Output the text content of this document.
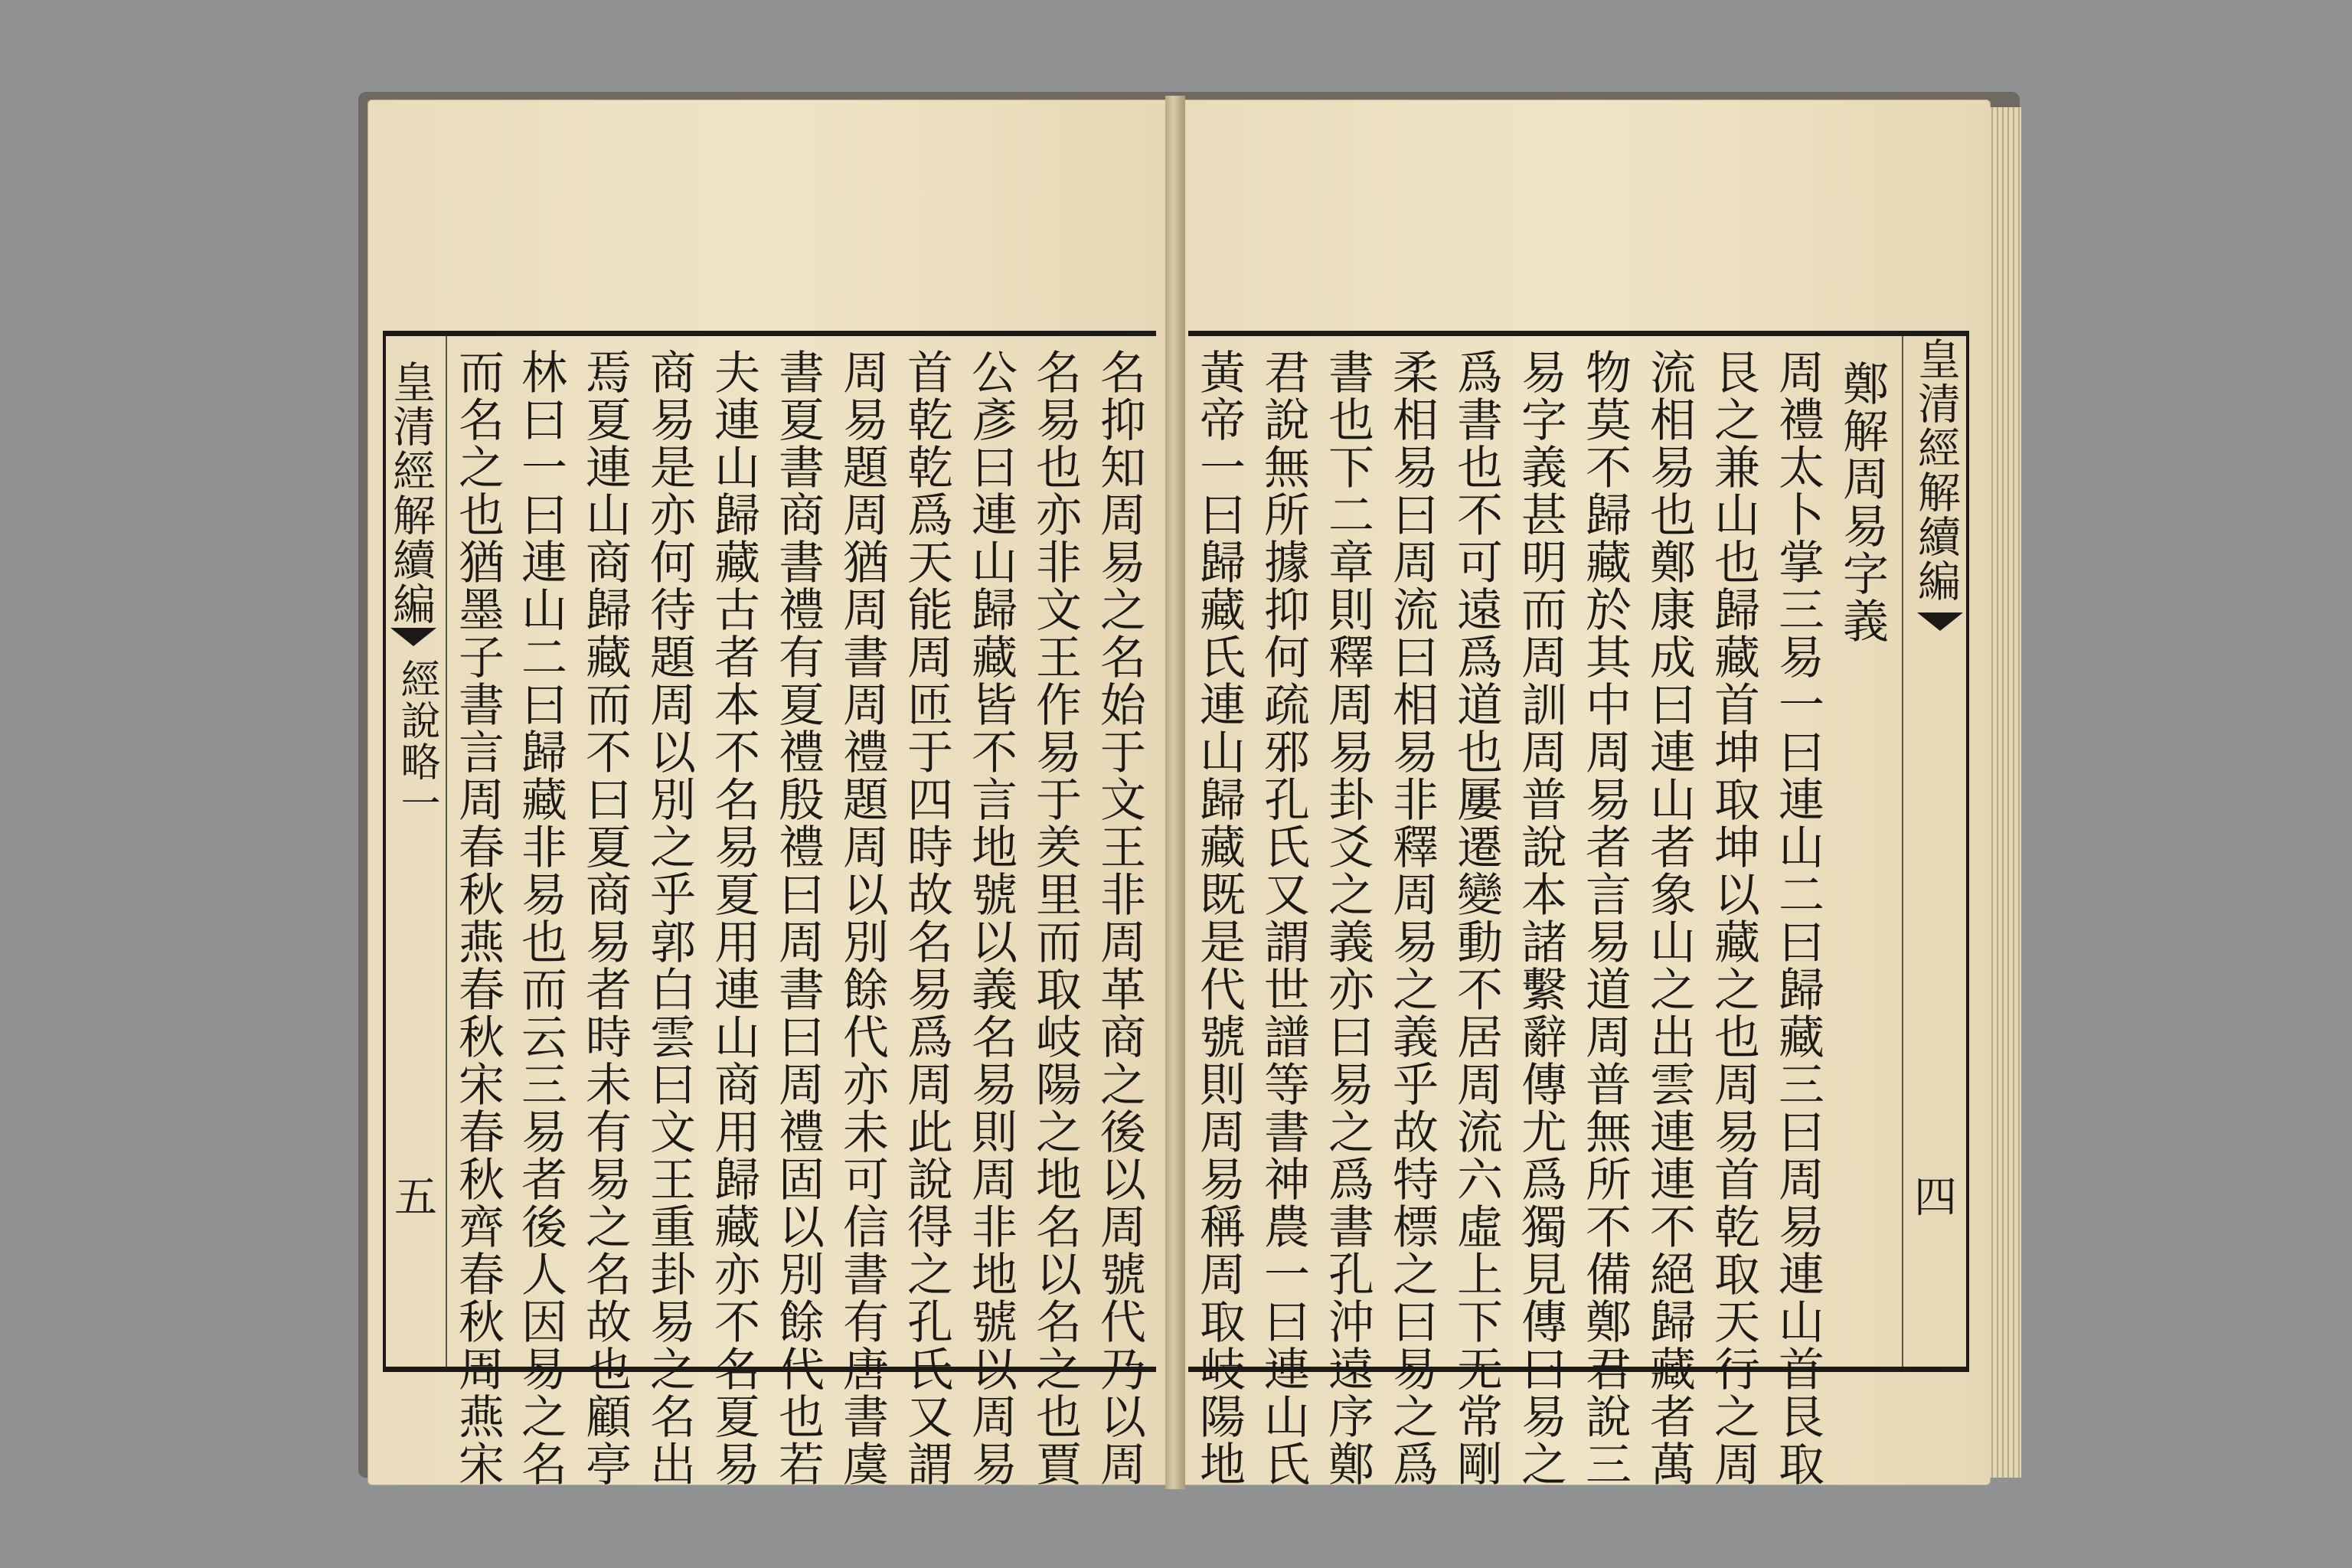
皇清經解續編
經說略一
五	名抑知周易之名始于文王非周革商之後以周號代乃以周
名易也亦非文王作易于羑里而取岐陽之地名以名之也賈
公彥曰連山歸藏皆不言地號以義名易則周非地號以周易
首乾乾爲天能周匝于四時故名易爲周此說得之孔氏又謂
周易題周猶周書周禮題周以別餘代亦未可信書有唐書虞
書夏書商書禮有夏禮殷禮曰周書曰周禮固以別餘代也若
夫連山歸藏古者本不名易夏用連山商用歸藏亦不名夏易
商易是亦何待題周以別之乎郭白雲曰文王重卦易之名出
焉夏連山商歸藏而不曰夏商易者時未有易之名故也顧亭
林曰一曰連山二曰歸藏非易也而云三易者後人因易之名
而名之也猶墨子書言周春秋燕春秋宋春秋齊春秋周燕宋	皇清經解續編
四
鄭解周易字義
周禮太卜掌三易一曰連山二曰歸藏三曰周易連山首艮取
艮之兼山也歸藏首坤取坤以藏之也周易首乾取天行之周
流相易也鄭康成曰連山者象山之出雲連連不絕歸藏者萬
物莫不歸藏於其中周易者言易道周普無所不備鄭君說三
易字義甚明而周訓周普說本諸繫辭傳尤爲獨見傳曰易之
爲書也不可遠爲道也屢遷變動不居周流六虛上下无常剛
柔相易曰周流曰相易非釋周易之義乎故特標之曰易之爲
書也下二章則釋周易卦爻之義亦曰易之爲書孔沖遠序鄭
君說無所據抑何疏邪孔氏又謂世譜等書神農一曰連山氏
黃帝一曰歸藏氏連山歸藏既是代號則周易稱周取岐陽地
